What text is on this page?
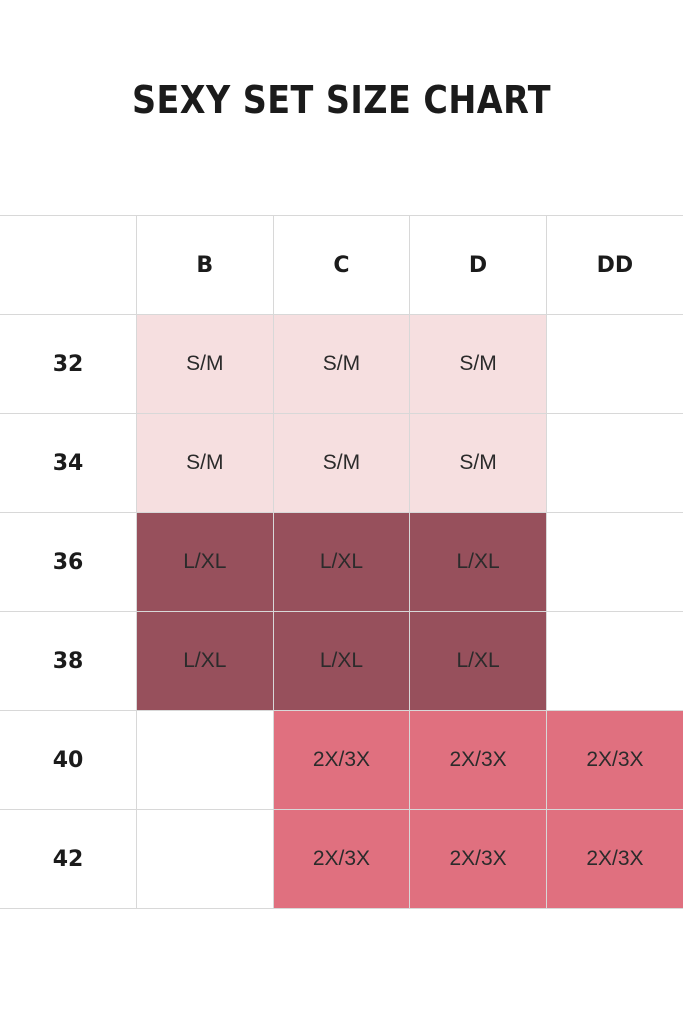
SEXY SET SIZE CHART
	B	C	D	DD
32	S/M	S/M	S/M	
34	S/M	S/M	S/M	
36	L/XL	L/XL	L/XL	
38	L/XL	L/XL	L/XL	
40		2X/3X	2X/3X	2X/3X
42		2X/3X	2X/3X	2X/3X
